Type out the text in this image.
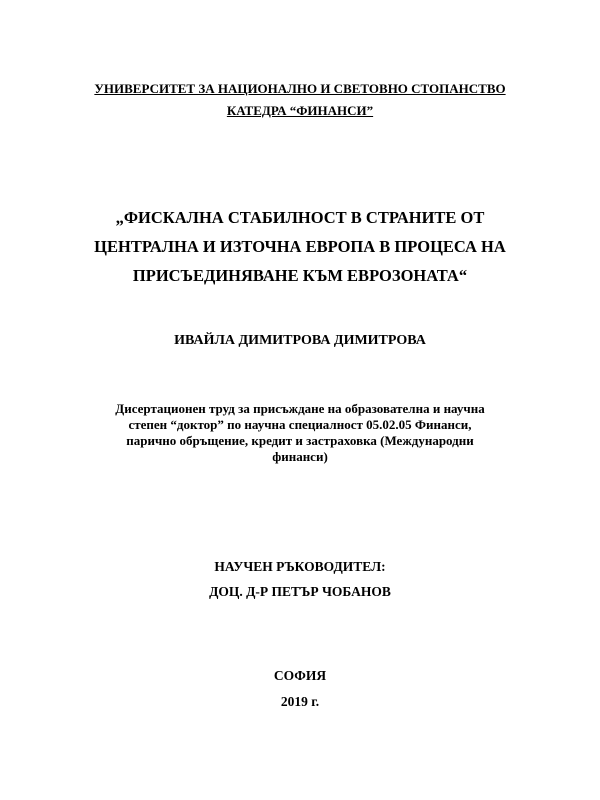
УНИВЕРСИТЕТ ЗА НАЦИОНАЛНО И СВЕТОВНО СТОПАНСТВО

КАТЕДРА “ФИНАНСИ”

„ФИСКАЛНА СТАБИЛНОСТ В СТРАНИТЕ ОТ
ЦЕНТРАЛНА И ИЗТОЧНА ЕВРОПА В ПРОЦЕСА НА
ПРИСЪЕДИНЯВАНЕ КЪМ ЕВРОЗОНАТА“

ИВАЙЛА ДИМИТРОВА ДИМИТРОВА

Дисертационен труд за присъждане на образователна и научна
степен “доктор” по научна специалност 05.02.05 Финанси,
парично обръщение, кредит и застраховка (Международни
финанси)

НАУЧЕН РЪКОВОДИТЕЛ:

ДОЦ. Д-Р ПЕТЪР ЧОБАНОВ

СОФИЯ

2019 г.
